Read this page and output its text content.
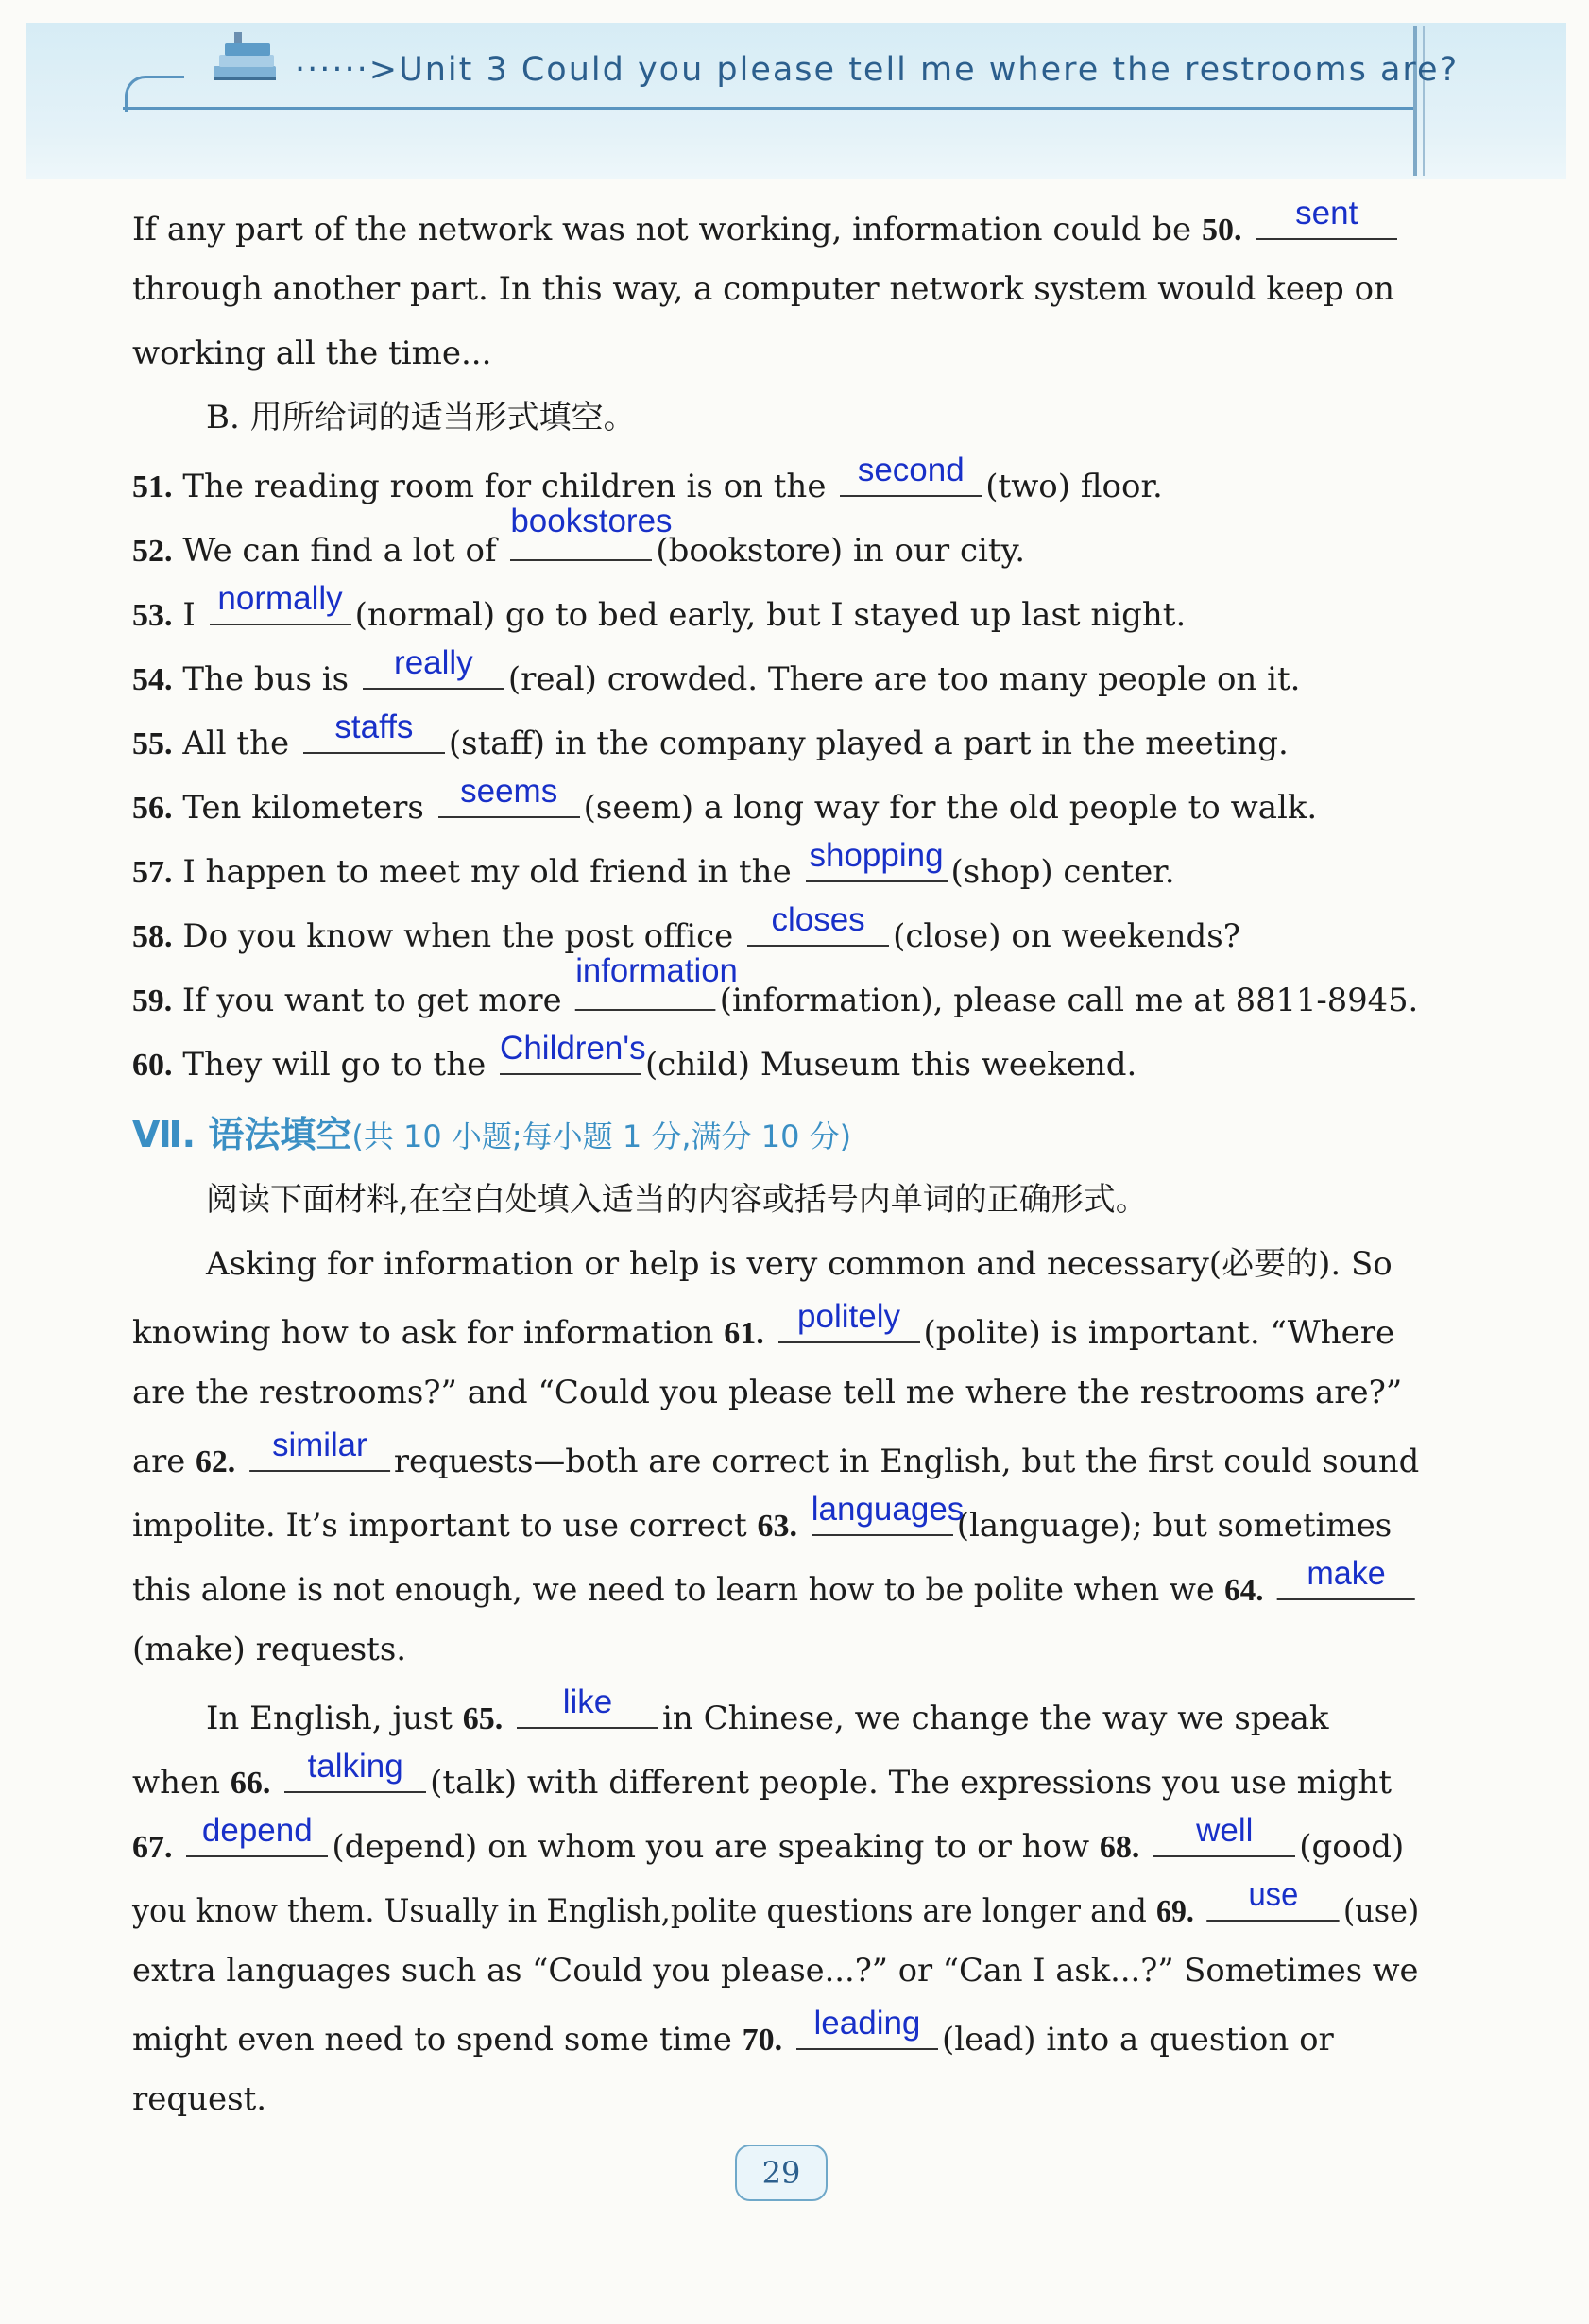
······>Unit 3 Could you please tell me where the restrooms are?
If any part of the network was not working, information could be 50.	sent
through another part. In this way, a computer network system would keep on
working all the time...
B. 用所给词的适当形式填空。
51. The reading room for children is on the second (two) floor.
52. We can find a lot of
bookstores
(bookstore) in our city.
53. I normally (normal) go to bed early, but I stayed up last night.
54. The bus is	really	(real) crowded. There are too many people on it.
55. All the	staffs	(staff) in the company played a part in the meeting.
56. Ten kilometers	seems (seem) a long way for the old people to walk.
57. I happen to meet my old friend in the shopping (shop) center.
58. Do you know when the post office	closes (close) on weekends?
59. If you want to get more
information
(information), please call me at 8811-8945.
60. They will go to the Children's (child) Museum this weekend.
Ⅶ. 语法填空(共 10 小题;每小题 1 分,满分 10 分)
阅读下面材料,在空白处填入适当的内容或括号内单词的正确形式。
Asking for information or help is very common and necessary(必要的). So
knowing how to ask for information 61.	politely (polite) is important. “Where
are the restrooms?” and “Could you please tell me where the restrooms are?”
are 62.	similar requests—both are correct in English, but the first could sound
impolite. It’s important to use correct 63. languages
(language); but sometimes
this alone is not enough, we need to learn how to be polite when we 64.	make
(make) requests.
In English, just 65.	like	in Chinese, we change the way we speak
when 66.	talking (talk) with different people. The expressions you use might
67. depend (depend) on whom you are speaking to or how 68.	well	(good)
you know them. Usually in English,polite questions are longer and 69.	use	(use)
extra languages such as “Could you please...?” or “Can I ask...?” Sometimes we
might even need to spend some time 70. leading (lead) into a question or
request.
29
